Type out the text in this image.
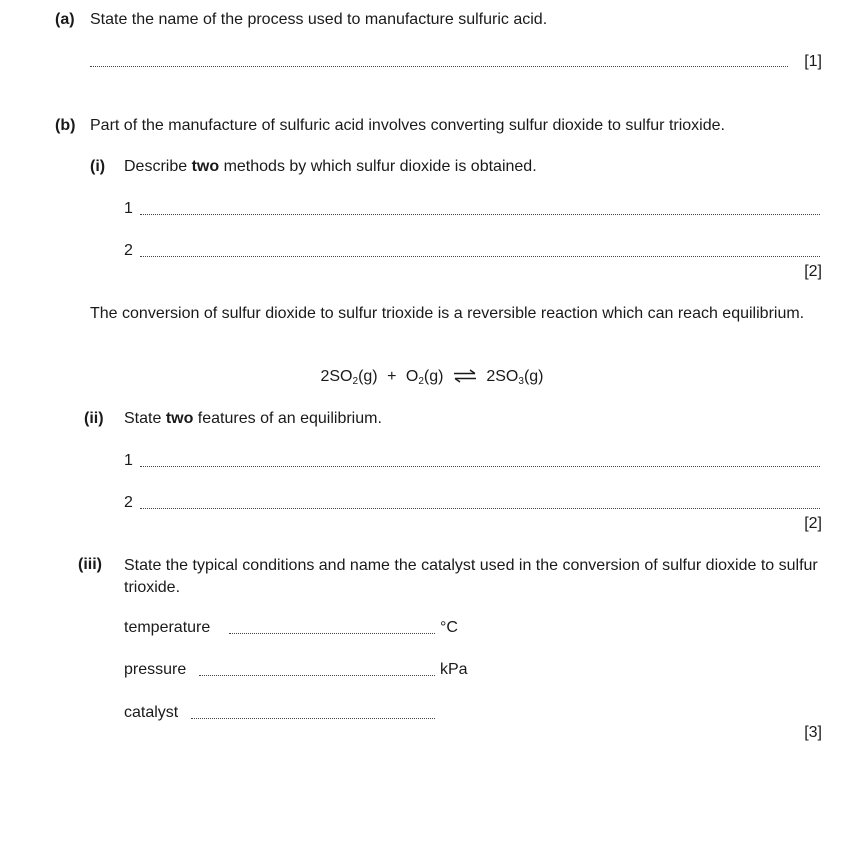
(a) State the name of the process used to manufacture sulfuric acid.
[1]
(b) Part of the manufacture of sulfuric acid involves converting sulfur dioxide to sulfur trioxide.
(i) Describe two methods by which sulfur dioxide is obtained.
1
2
[2]
The conversion of sulfur dioxide to sulfur trioxide is a reversible reaction which can reach equilibrium.
$2SO_2(g) + O_2(g)$ ⇌ $2SO_3(g)$
(ii) State two features of an equilibrium.
1
2
[2]
(iii) State the typical conditions and name the catalyst used in the conversion of sulfur dioxide to sulfur trioxide.
temperature	°C
pressure	kPa
catalyst
[3]
